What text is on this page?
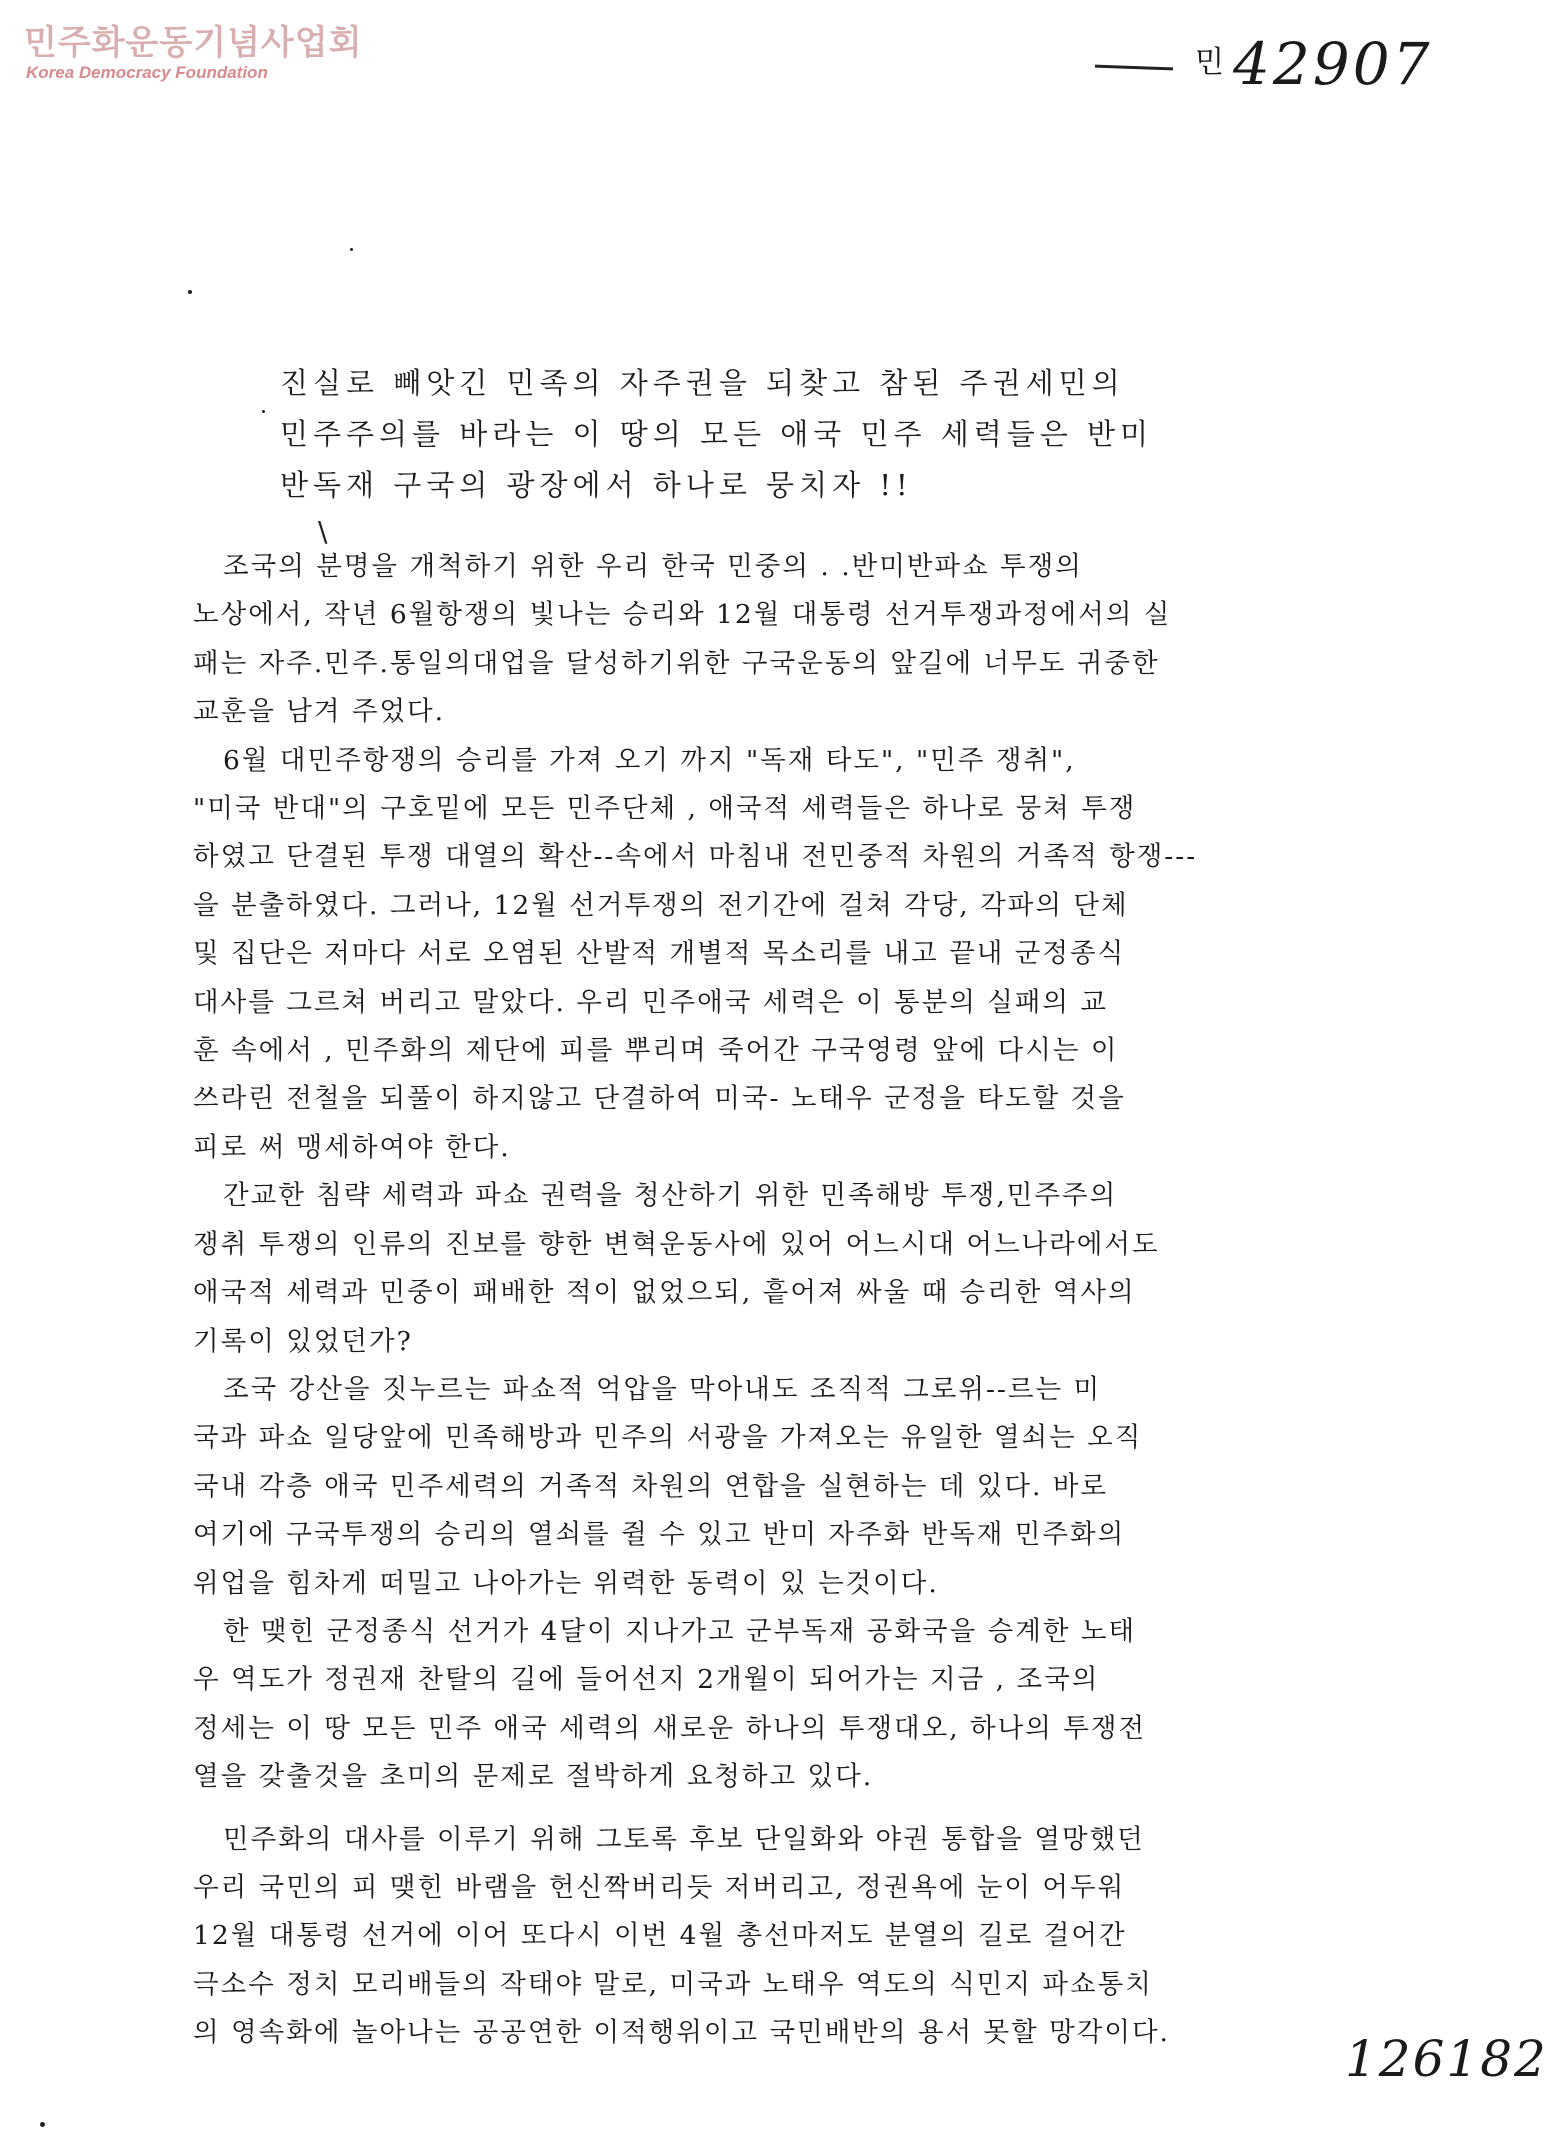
민주화운동기념사업회
Korea Democracy Foundation	$^민$ 42907
\

진실로 빼앗긴 민족의 자주권을 되찾고 참된 주권세민의

민주주의를 바라는 이 땅의 모든 애국 민주 세력들은 반미

반독재 구국의 광장에서 하나로 뭉치자 !!

조국의 분명을 개척하기 위한 우리 한국 민중의 . .반미반파쇼 투쟁의

노상에서, 작년 6월항쟁의 빛나는 승리와 12월 대통령 선거투쟁과정에서의 실

패는 자주.민주.통일의대업을 달성하기위한 구국운동의 앞길에 너무도 귀중한

교훈을 남겨 주었다.

6월 대민주항쟁의 승리를 가져 오기 까지 "독재 타도", "민주 쟁취",

"미국 반대"의 구호밑에 모든 민주단체 , 애국적 세력들은 하나로 뭉쳐 투쟁

하였고 단결된 투쟁 대열의 확산--속에서 마침내 전민중적 차원의 거족적 항쟁---

을 분출하였다. 그러나, 12월 선거투쟁의 전기간에 걸쳐 각당, 각파의 단체

및 집단은 저마다 서로 오염된 산발적 개별적 목소리를 내고 끝내 군정종식

대사를 그르쳐 버리고 말았다. 우리 민주애국 세력은 이 통분의 실패의 교

훈 속에서 , 민주화의 제단에 피를 뿌리며 죽어간 구국영령 앞에 다시는 이

쓰라린 전철을 되풀이 하지않고 단결하여 미국- 노태우 군정을 타도할 것을

피로 써 맹세하여야 한다.

간교한 침략 세력과 파쇼 권력을 청산하기 위한 민족해방 투쟁,민주주의

쟁취 투쟁의 인류의 진보를 향한 변혁운동사에 있어 어느시대 어느나라에서도

애국적 세력과 민중이 패배한 적이 없었으되, 흩어져 싸울 때 승리한 역사의

기록이 있었던가?

조국 강산을 짓누르는 파쇼적 억압을 막아내도 조직적 그로위--르는 미

국과 파쇼 일당앞에 민족해방과 민주의 서광을 가져오는 유일한 열쇠는 오직

국내 각층 애국 민주세력의 거족적 차원의 연합을 실현하는 데 있다. 바로

여기에 구국투쟁의 승리의 열쇠를 쥘 수 있고 반미 자주화 반독재 민주화의

위업을 힘차게 떠밀고 나아가는 위력한 동력이 있 는것이다.

한 맺힌 군정종식 선거가 4달이 지나가고 군부독재 공화국을 승계한 노태

우 역도가 정권재 찬탈의 길에 들어선지 2개월이 되어가는 지금 , 조국의

정세는 이 땅 모든 민주 애국 세력의 새로운 하나의 투쟁대오, 하나의 투쟁전

열을 갖출것을 초미의 문제로 절박하게 요청하고 있다.

민주화의 대사를 이루기 위해 그토록 후보 단일화와 야권 통합을 열망했던

우리 국민의 피 맺힌 바램을 헌신짝버리듯 저버리고, 정권욕에 눈이 어두워

12월 대통령 선거에 이어 또다시 이번 4월 총선마저도 분열의 길로 걸어간

극소수 정치 모리배들의 작태야 말로, 미국과 노태우 역도의 식민지 파쇼통치

의 영속화에 놀아나는 공공연한 이적행위이고 국민배반의 용서 못할 망각이다.	126182
